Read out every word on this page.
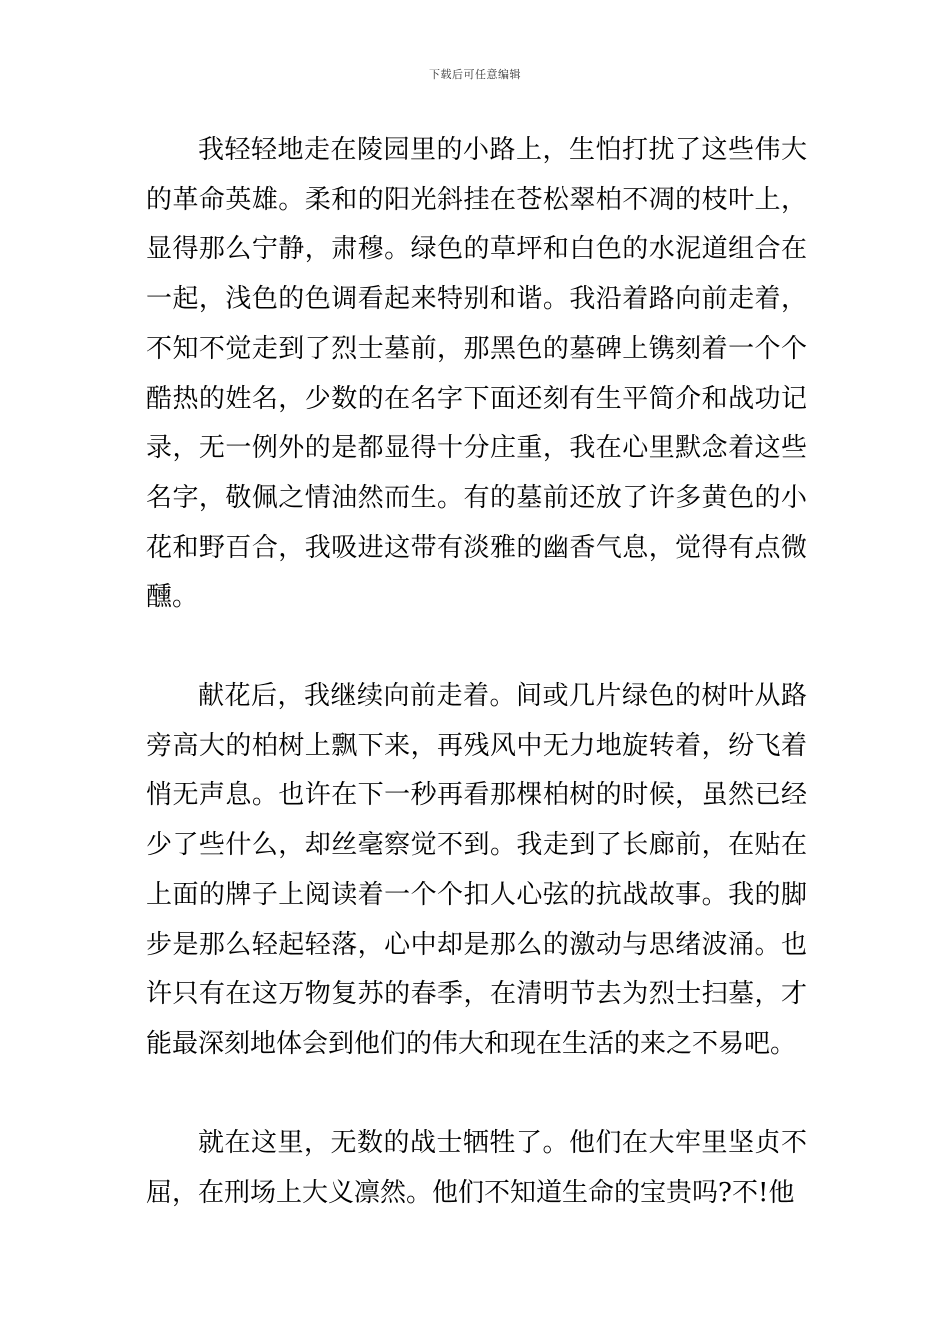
下载后可任意编辑

我轻轻地走在陵园里的小路上，生怕打扰了这些伟大的革命英雄。柔和的阳光斜挂在苍松翠柏不凋的枝叶上，显得那么宁静，肃穆。绿色的草坪和白色的水泥道组合在一起，浅色的色调看起来特别和谐。我沿着路向前走着，不知不觉走到了烈士墓前，那黑色的墓碑上镌刻着一个个酷热的姓名，少数的在名字下面还刻有生平简介和战功记录，无一例外的是都显得十分庄重，我在心里默念着这些名字，敬佩之情油然而生。有的墓前还放了许多黄色的小花和野百合，我吸进这带有淡雅的幽香气息，觉得有点微醺。

献花后，我继续向前走着。间或几片绿色的树叶从路旁高大的柏树上飘下来，再残风中无力地旋转着，纷飞着悄无声息。也许在下一秒再看那棵柏树的时候，虽然已经少了些什么，却丝毫察觉不到。我走到了长廊前，在贴在上面的牌子上阅读着一个个扣人心弦的抗战故事。我的脚步是那么轻起轻落，心中却是那么的激动与思绪波涌。也许只有在这万物复苏的春季，在清明节去为烈士扫墓，才能最深刻地体会到他们的伟大和现在生活的来之不易吧。

就在这里，无数的战士牺牲了。他们在大牢里坚贞不屈，在刑场上大义凛然。他们不知道生命的宝贵吗?不!他
